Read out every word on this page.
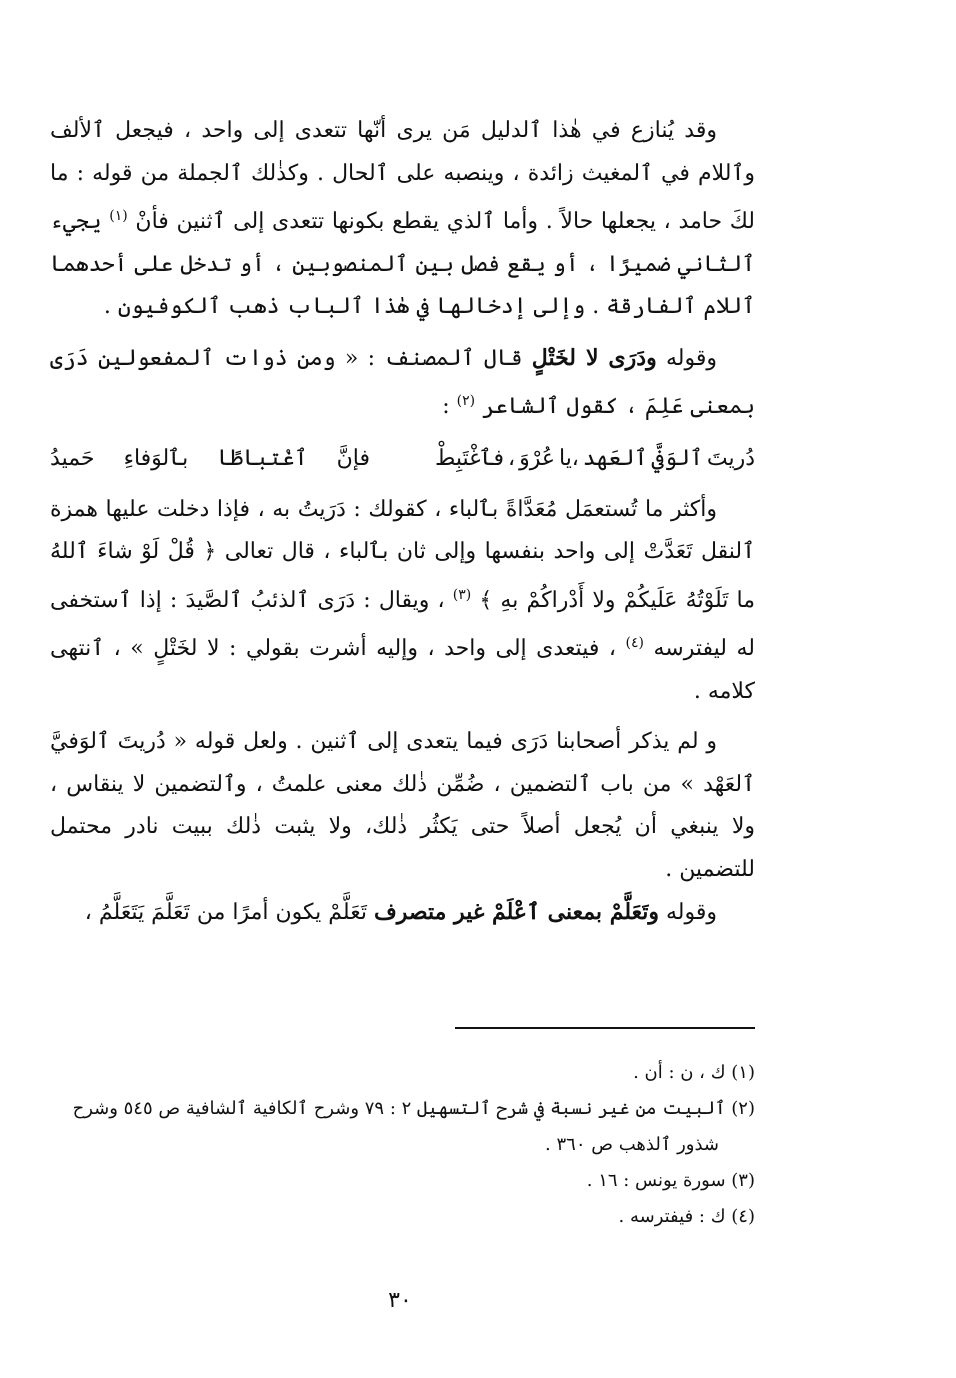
وقد يُنازع في هٰذا ٱلدليل مَن يرى أنّها تتعدى إلى واحد ، فيجعل ٱلألف وٱللام في ٱلمغيث زائدة ، وينصبه على ٱلحال . وكذٰلك ٱلجملة من قوله : ما لكَ حامد ، يجعلها حالاً . وأما ٱلذي يقطع بكونها تتعدى إلى ٱثنين فأنْ $^{(١)}$ يجيء ٱلثاني ضميرًا ، أو يقع فصل بين ٱلمنصوبين ، أو تدخل على أحدهما ٱللام ٱلفارقة . وإلى إدخالها في هٰذا ٱلباب ذهب ٱلكوفيون .

وقوله ودَرَى لا لخَتْلٍ قال ٱلمصنف : « ومن ذوات ٱلمفعولين دَرَى بمعنى عَلِمَ ، كقول ٱلشاعر $^{(٢)}$ :

دُريتَ
ٱلوَفيَّ
ٱلعَهد
،يا
عُرْوَ
،
فٱغْتَبِطْ
فإنَّ
ٱغْتباطًا
بٱلوَفاءِ
حَميدُ

وأكثر ما تُستعمَل مُعَدَّاةً بٱلباء ، كقولك : دَرَيتُ به ، فإذا دخلت عليها همزة ٱلنقل تَعَدَّتْ إلى واحد بنفسها وإلى ثان بٱلباء ، قال تعالى ﴿ قُلْ لَوْ شاءَ ٱللهُ ما تَلَوْتُهُ عَلَيكُمْ ولا أَدْراكُمْ بهِ ﴾ $^{(٣)}$ ، ويقال : دَرَى ٱلذئبُ ٱلصَّيدَ : إذا ٱستخفى له ليفترسه $^{(٤)}$ ، فيتعدى إلى واحد ، وإليه أشرت بقولي : لا لخَتْلٍ » ، ٱنتهى كلامه .

و لم يذكر أصحابنا دَرَى فيما يتعدى إلى ٱثنين . ولعل قوله « دُريتَ ٱلوَفيَّ ٱلعَهْد » من باب ٱلتضمين ، ضُمِّن ذٰلك معنى علمتُ ، وٱلتضمين لا ينقاس ، ولا ينبغي أن يُجعل أصلاً حتى يَكثُر ذٰلك، ولا يثبت ذٰلك ببيت نادر محتمل للتضمين .

وقوله وتَعَلَّمْ بمعنى ٱعْلَمْ غير متصرف تَعَلَّمْ يكون أمرًا من تَعَلَّمَ يَتَعَلَّمُ ،

(١) ك ، ن : أن .

(٢) ٱلبيت من غير نسبة في شرح ٱلتسهيل ٢ : ٧٩ وشرح ٱلكافية ٱلشافية ص ٥٤٥ وشرح

شذور ٱلذهب ص ٣٦٠ .

(٣) سورة يونس : ١٦ .

(٤) ك : فيفترسه .

٣٠
